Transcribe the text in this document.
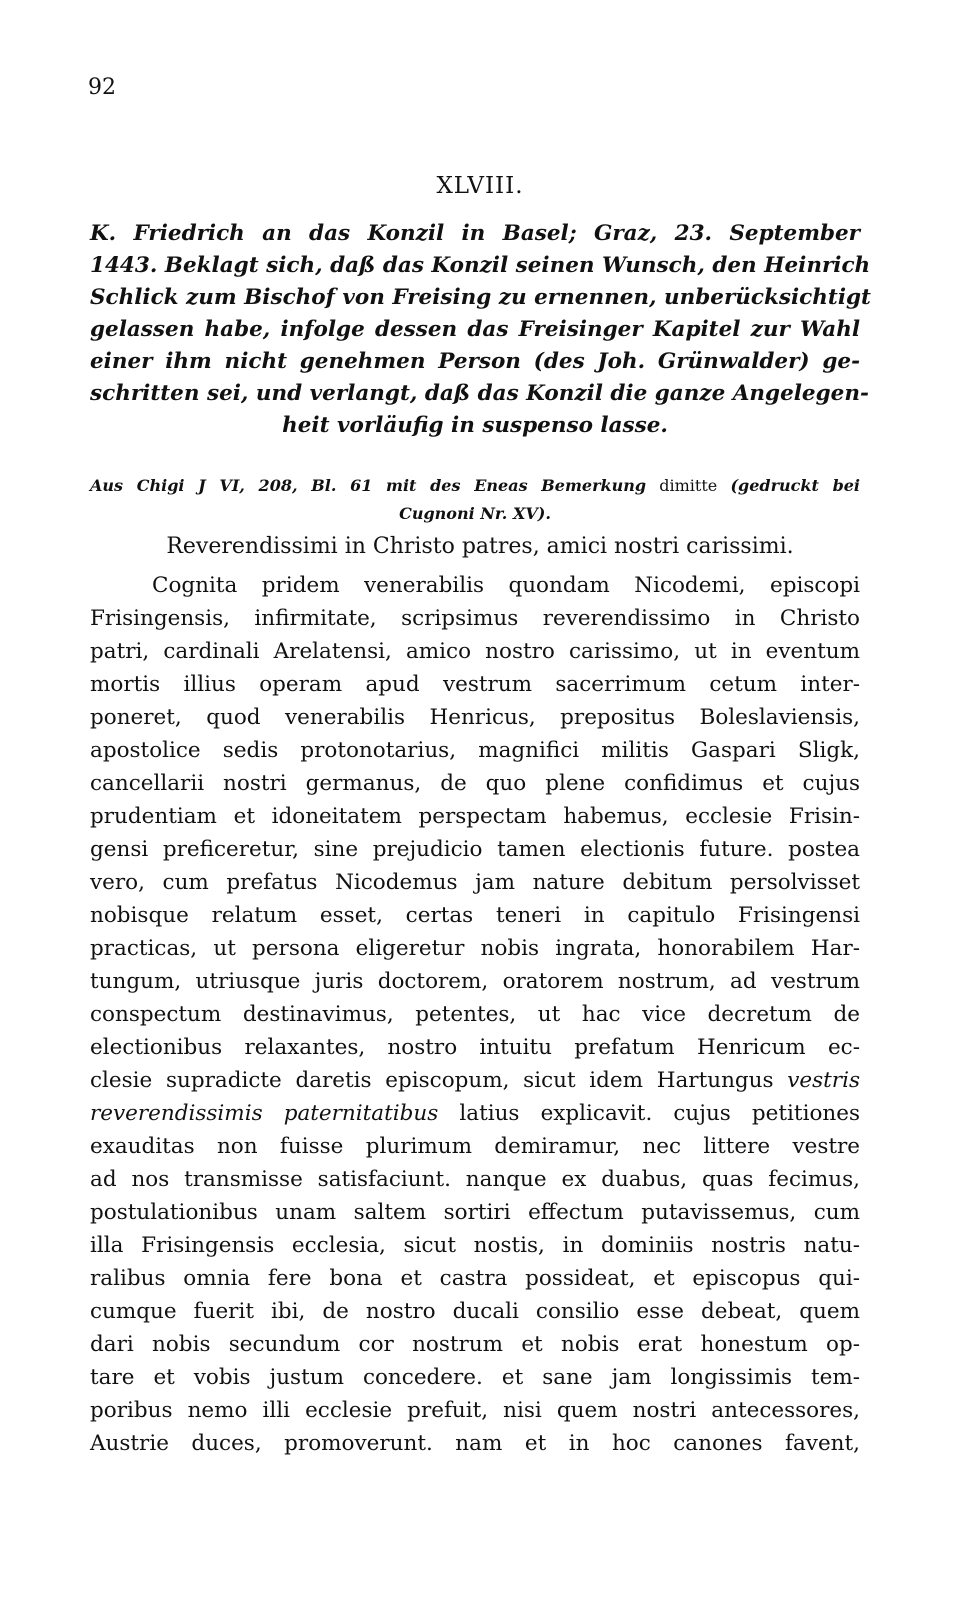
92
XLVIII.
K. Friedrich an das Konzil in Basel; Graz, 23. September
1443. Beklagt sich, daß das Konzil seinen Wunsch, den Heinrich
Schlick zum Bischof von Freising zu ernennen, unberücksichtigt
gelassen habe, infolge dessen das Freisinger Kapitel zur Wahl
einer ihm nicht genehmen Person (des Joh. Grünwalder) ge-
schritten sei, und verlangt, daß das Konzil die ganze Angelegen-
heit vorläufig in suspenso lasse.
Aus Chigi J VI, 208, Bl. 61 mit des Eneas Bemerkung dimitte (gedruckt bei
Cugnoni Nr. XV).
Reverendissimi in Christo patres, amici nostri carissimi.
Cognita pridem venerabilis quondam Nicodemi, episcopi
Frisingensis, infirmitate, scripsimus reverendissimo in Christo
patri, cardinali Arelatensi, amico nostro carissimo, ut in eventum
mortis illius operam apud vestrum sacerrimum cetum inter-
poneret, quod venerabilis Henricus, prepositus Boleslaviensis,
apostolice sedis protonotarius, magnifici militis Gaspari Sligk,
cancellarii nostri germanus, de quo plene confidimus et cujus
prudentiam et idoneitatem perspectam habemus, ecclesie Frisin-
gensi preficeretur, sine prejudicio tamen electionis future. postea
vero, cum prefatus Nicodemus jam nature debitum persolvisset
nobisque relatum esset, certas teneri in capitulo Frisingensi
practicas, ut persona eligeretur nobis ingrata, honorabilem Har-
tungum, utriusque juris doctorem, oratorem nostrum, ad vestrum
conspectum destinavimus, petentes, ut hac vice decretum de
electionibus relaxantes, nostro intuitu prefatum Henricum ec-
clesie supradicte daretis episcopum, sicut idem Hartungus vestris
reverendissimis paternitatibus latius explicavit. cujus petitiones
exauditas non fuisse plurimum demiramur, nec littere vestre
ad nos transmisse satisfaciunt. nanque ex duabus, quas fecimus,
postulationibus unam saltem sortiri effectum putavissemus, cum
illa Frisingensis ecclesia, sicut nostis, in dominiis nostris natu-
ralibus omnia fere bona et castra possideat, et episcopus qui-
cumque fuerit ibi, de nostro ducali consilio esse debeat, quem
dari nobis secundum cor nostrum et nobis erat honestum op-
tare et vobis justum concedere. et sane jam longissimis tem-
poribus nemo illi ecclesie prefuit, nisi quem nostri antecessores,
Austrie duces, promoverunt. nam et in hoc canones favent,
